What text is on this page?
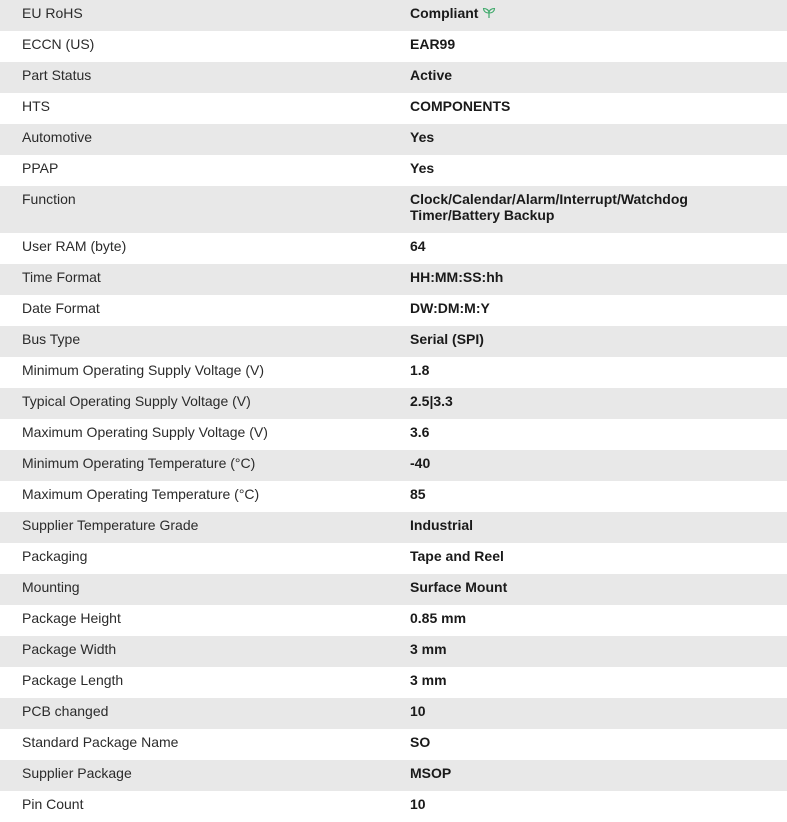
EU RoHS	Compliant

ECCN (US)	EAR99

Part Status	Active

HTS	COMPONENTS

Automotive	Yes

PPAP	Yes

Function	Clock/Calendar/Alarm/Interrupt/Watchdog Timer/Battery Backup

User RAM (byte)	64

Time Format	HH:MM:SS:hh

Date Format	DW:DM:M:Y

Bus Type	Serial (SPI)

Minimum Operating Supply Voltage (V)	1.8

Typical Operating Supply Voltage (V)	2.5|3.3

Maximum Operating Supply Voltage (V)	3.6

Minimum Operating Temperature (°C)	-40

Maximum Operating Temperature (°C)	85

Supplier Temperature Grade	Industrial

Packaging	Tape and Reel

Mounting	Surface Mount

Package Height	0.85 mm

Package Width	3 mm

Package Length	3 mm

PCB changed	10

Standard Package Name	SO

Supplier Package	MSOP

Pin Count	10
